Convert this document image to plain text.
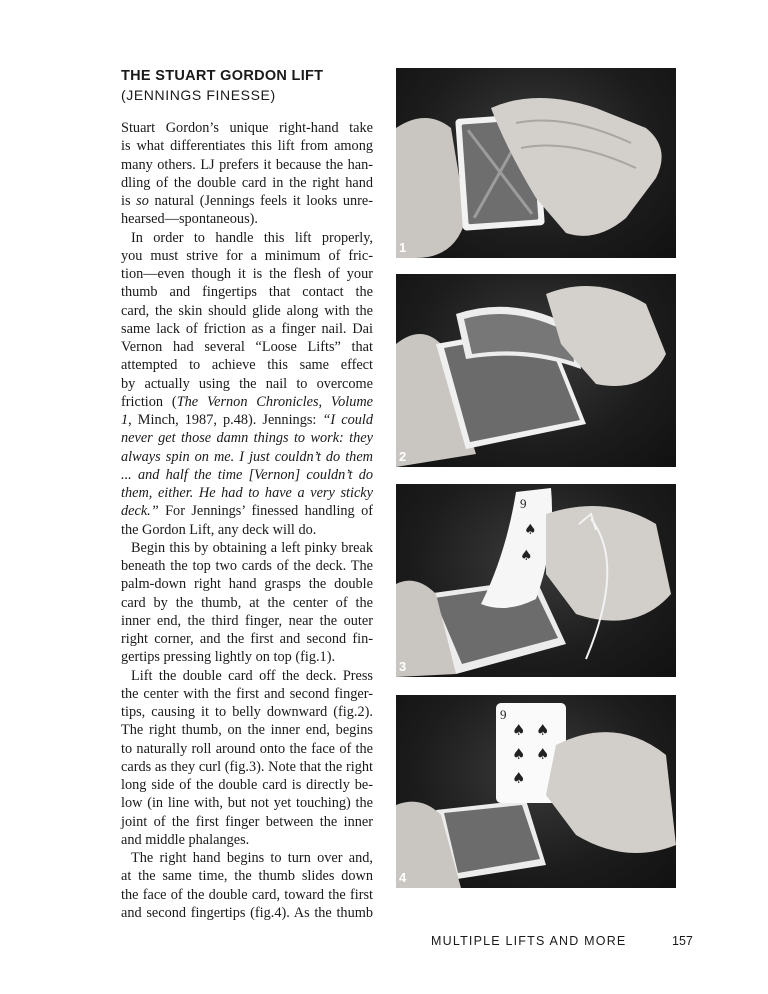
THE STUART GORDON LIFT
(JENNINGS FINESSE)
Stuart Gordon’s unique right-hand take
is what differentiates this lift from among
many others. LJ prefers it because the han-
dling of the double card in the right hand
is so natural (Jennings feels it looks unre-
hearsed—spontaneous).
In order to handle this lift properly,
you must strive for a minimum of fric-
tion—even though it is the flesh of your
thumb and fingertips that contact the
card, the skin should glide along with the
same lack of friction as a finger nail. Dai
Vernon had several “Loose Lifts” that
attempted to achieve this same effect
by actually using the nail to overcome
friction (The Vernon Chronicles, Volume
1, Minch, 1987, p.48). Jennings: “I could
never get those damn things to work: they
always spin on me. I just couldn’t do them
... and half the time [Vernon] couldn’t do
them, either. He had to have a very sticky
deck.” For Jennings’ finessed handling of
the Gordon Lift, any deck will do.
Begin this by obtaining a left pinky break
beneath the top two cards of the deck. The
palm-down right hand grasps the double
card by the thumb, at the center of the
inner end, the third finger, near the outer
right corner, and the first and second fin-
gertips pressing lightly on top (fig.1).
Lift the double card off the deck. Press
the center with the first and second finger-
tips, causing it to belly downward (fig.2).
The right thumb, on the inner end, begins
to naturally roll around onto the face of the
cards as they curl (fig.3). Note that the right
long side of the double card is directly be-
low (in line with, but not yet touching) the
joint of the first finger between the inner
and middle phalanges.
The right hand begins to turn over and,
at the same time, the thumb slides down
the face of the double card, toward the first
and second fingertips (fig.4). As the thumb
1
2
9
♠
♠
3
9
♠ ♠
♠ ♠
♠
4
MULTIPLE LIFTS AND MORE	157
